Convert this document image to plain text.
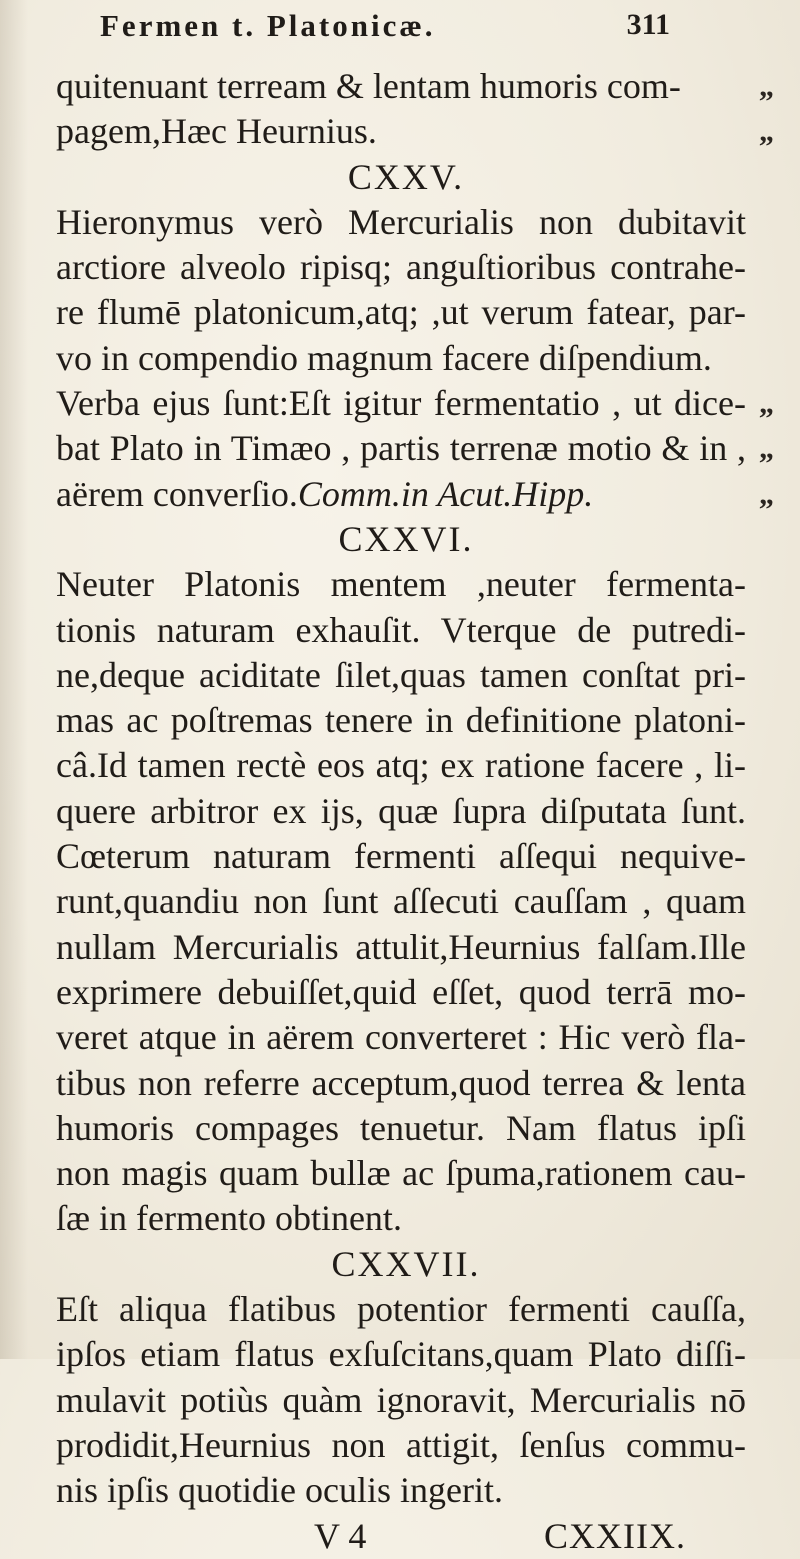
Fermen t. Platonicæ.	311
quitenuant terream & lentam humoris com-	„
pagem,Hæc Heurnius.	„
CXXV.
Hieronymus verò Mercurialis non dubitavit
arctiore alveolo ripisq; anguſtioribus contrahe-
re flumē platonicum,atq; ,ut verum fatear, par-
vo in compendio magnum facere diſpendium.
Verba ejus ſunt:Eſt igitur fermentatio , ut dice- „
bat Plato in Timæo , partis terrenæ motio & in , „
aërem converſio.Comm.in Acut.Hipp.	„
CXXVI.
Neuter Platonis mentem ,neuter fermenta-
tionis naturam exhauſit. Vterque de putredi-
ne,deque aciditate ſilet,quas tamen conſtat pri-
mas ac poſtremas tenere in definitione platoni-
câ.Id tamen rectè eos atq; ex ratione facere , li-
quere arbitror ex ijs, quæ ſupra diſputata ſunt.
Cœterum naturam fermenti aſſequi nequive-
runt,quandiu non ſunt aſſecuti cauſſam , quam
nullam Mercurialis attulit,Heurnius falſam.Ille
exprimere debuiſſet,quid eſſet, quod terrā mo-
veret atque in aërem converteret : Hic verò fla-
tibus non referre acceptum,quod terrea & lenta
humoris compages tenuetur. Nam flatus ipſi
non magis quam bullæ ac ſpuma,rationem cau-
ſæ in fermento obtinent.
CXXVII.
Eſt aliqua flatibus potentior fermenti cauſſa,
ipſos etiam flatus exſuſcitans,quam Plato diſſi-
mulavit potiùs quàm ignoravit, Mercurialis nō
prodidit,Heurnius non attigit, ſenſus commu-
nis ipſis quotidie oculis ingerit.
V 4	CXXIIX.
